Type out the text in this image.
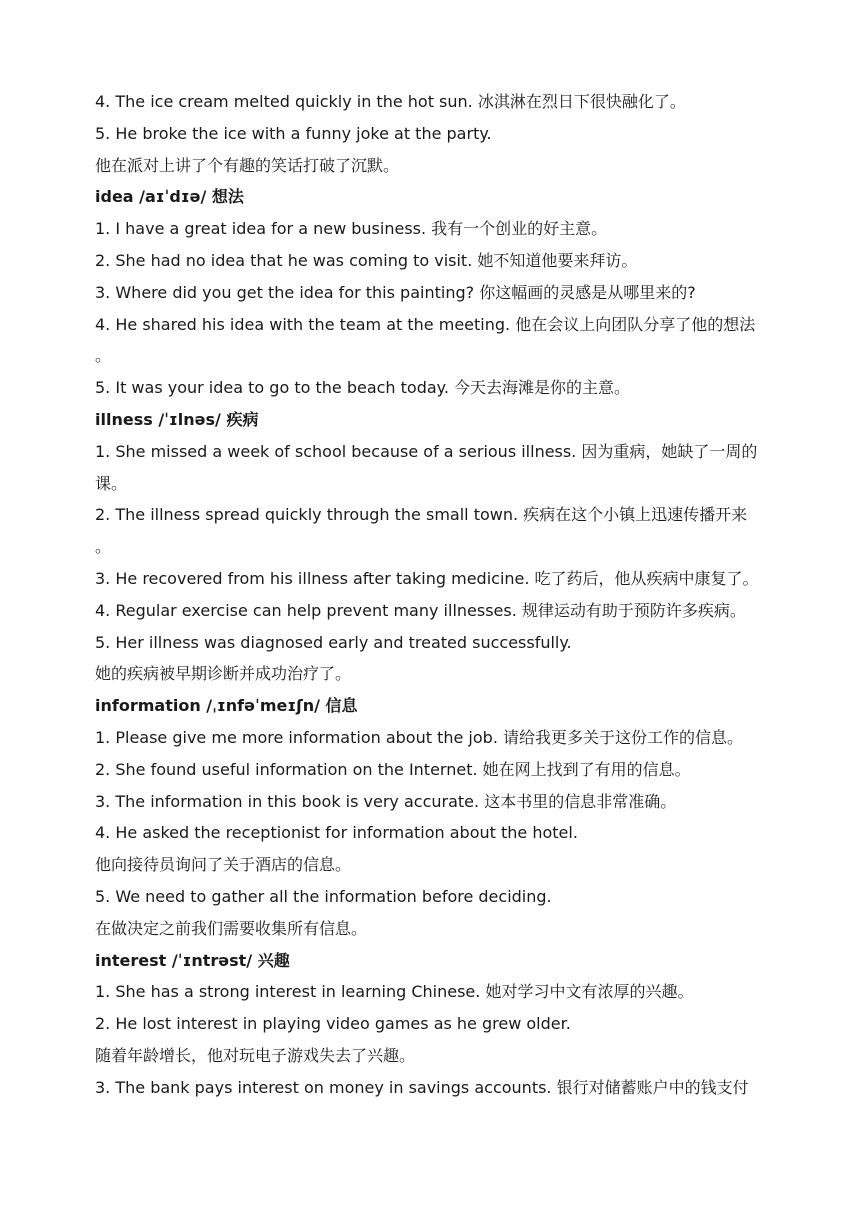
4. The ice cream melted quickly in the hot sun. 冰淇淋在烈日下很快融化了。
5. He broke the ice with a funny joke at the party.
他在派对上讲了个有趣的笑话打破了沉默。
idea /aɪˈdɪə/ 想法
1. I have a great idea for a new business. 我有一个创业的好主意。
2. She had no idea that he was coming to visit. 她不知道他要来拜访。
3. Where did you get the idea for this painting? 你这幅画的灵感是从哪里来的?
4. He shared his idea with the team at the meeting. 他在会议上向团队分享了他的想法
。
5. It was your idea to go to the beach today. 今天去海滩是你的主意。
illness /ˈɪlnəs/ 疾病
1. She missed a week of school because of a serious illness. 因为重病，她缺了一周的
课。
2. The illness spread quickly through the small town. 疾病在这个小镇上迅速传播开来
。
3. He recovered from his illness after taking medicine. 吃了药后，他从疾病中康复了。
4. Regular exercise can help prevent many illnesses. 规律运动有助于预防许多疾病。
5. Her illness was diagnosed early and treated successfully.
她的疾病被早期诊断并成功治疗了。
information /ˌɪnfəˈmeɪʃn/ 信息
1. Please give me more information about the job. 请给我更多关于这份工作的信息。
2. She found useful information on the Internet. 她在网上找到了有用的信息。
3. The information in this book is very accurate. 这本书里的信息非常准确。
4. He asked the receptionist for information about the hotel.
他向接待员询问了关于酒店的信息。
5. We need to gather all the information before deciding.
在做决定之前我们需要收集所有信息。
interest /ˈɪntrəst/ 兴趣
1. She has a strong interest in learning Chinese. 她对学习中文有浓厚的兴趣。
2. He lost interest in playing video games as he grew older.
随着年龄增长，他对玩电子游戏失去了兴趣。
3. The bank pays interest on money in savings accounts. 银行对储蓄账户中的钱支付
